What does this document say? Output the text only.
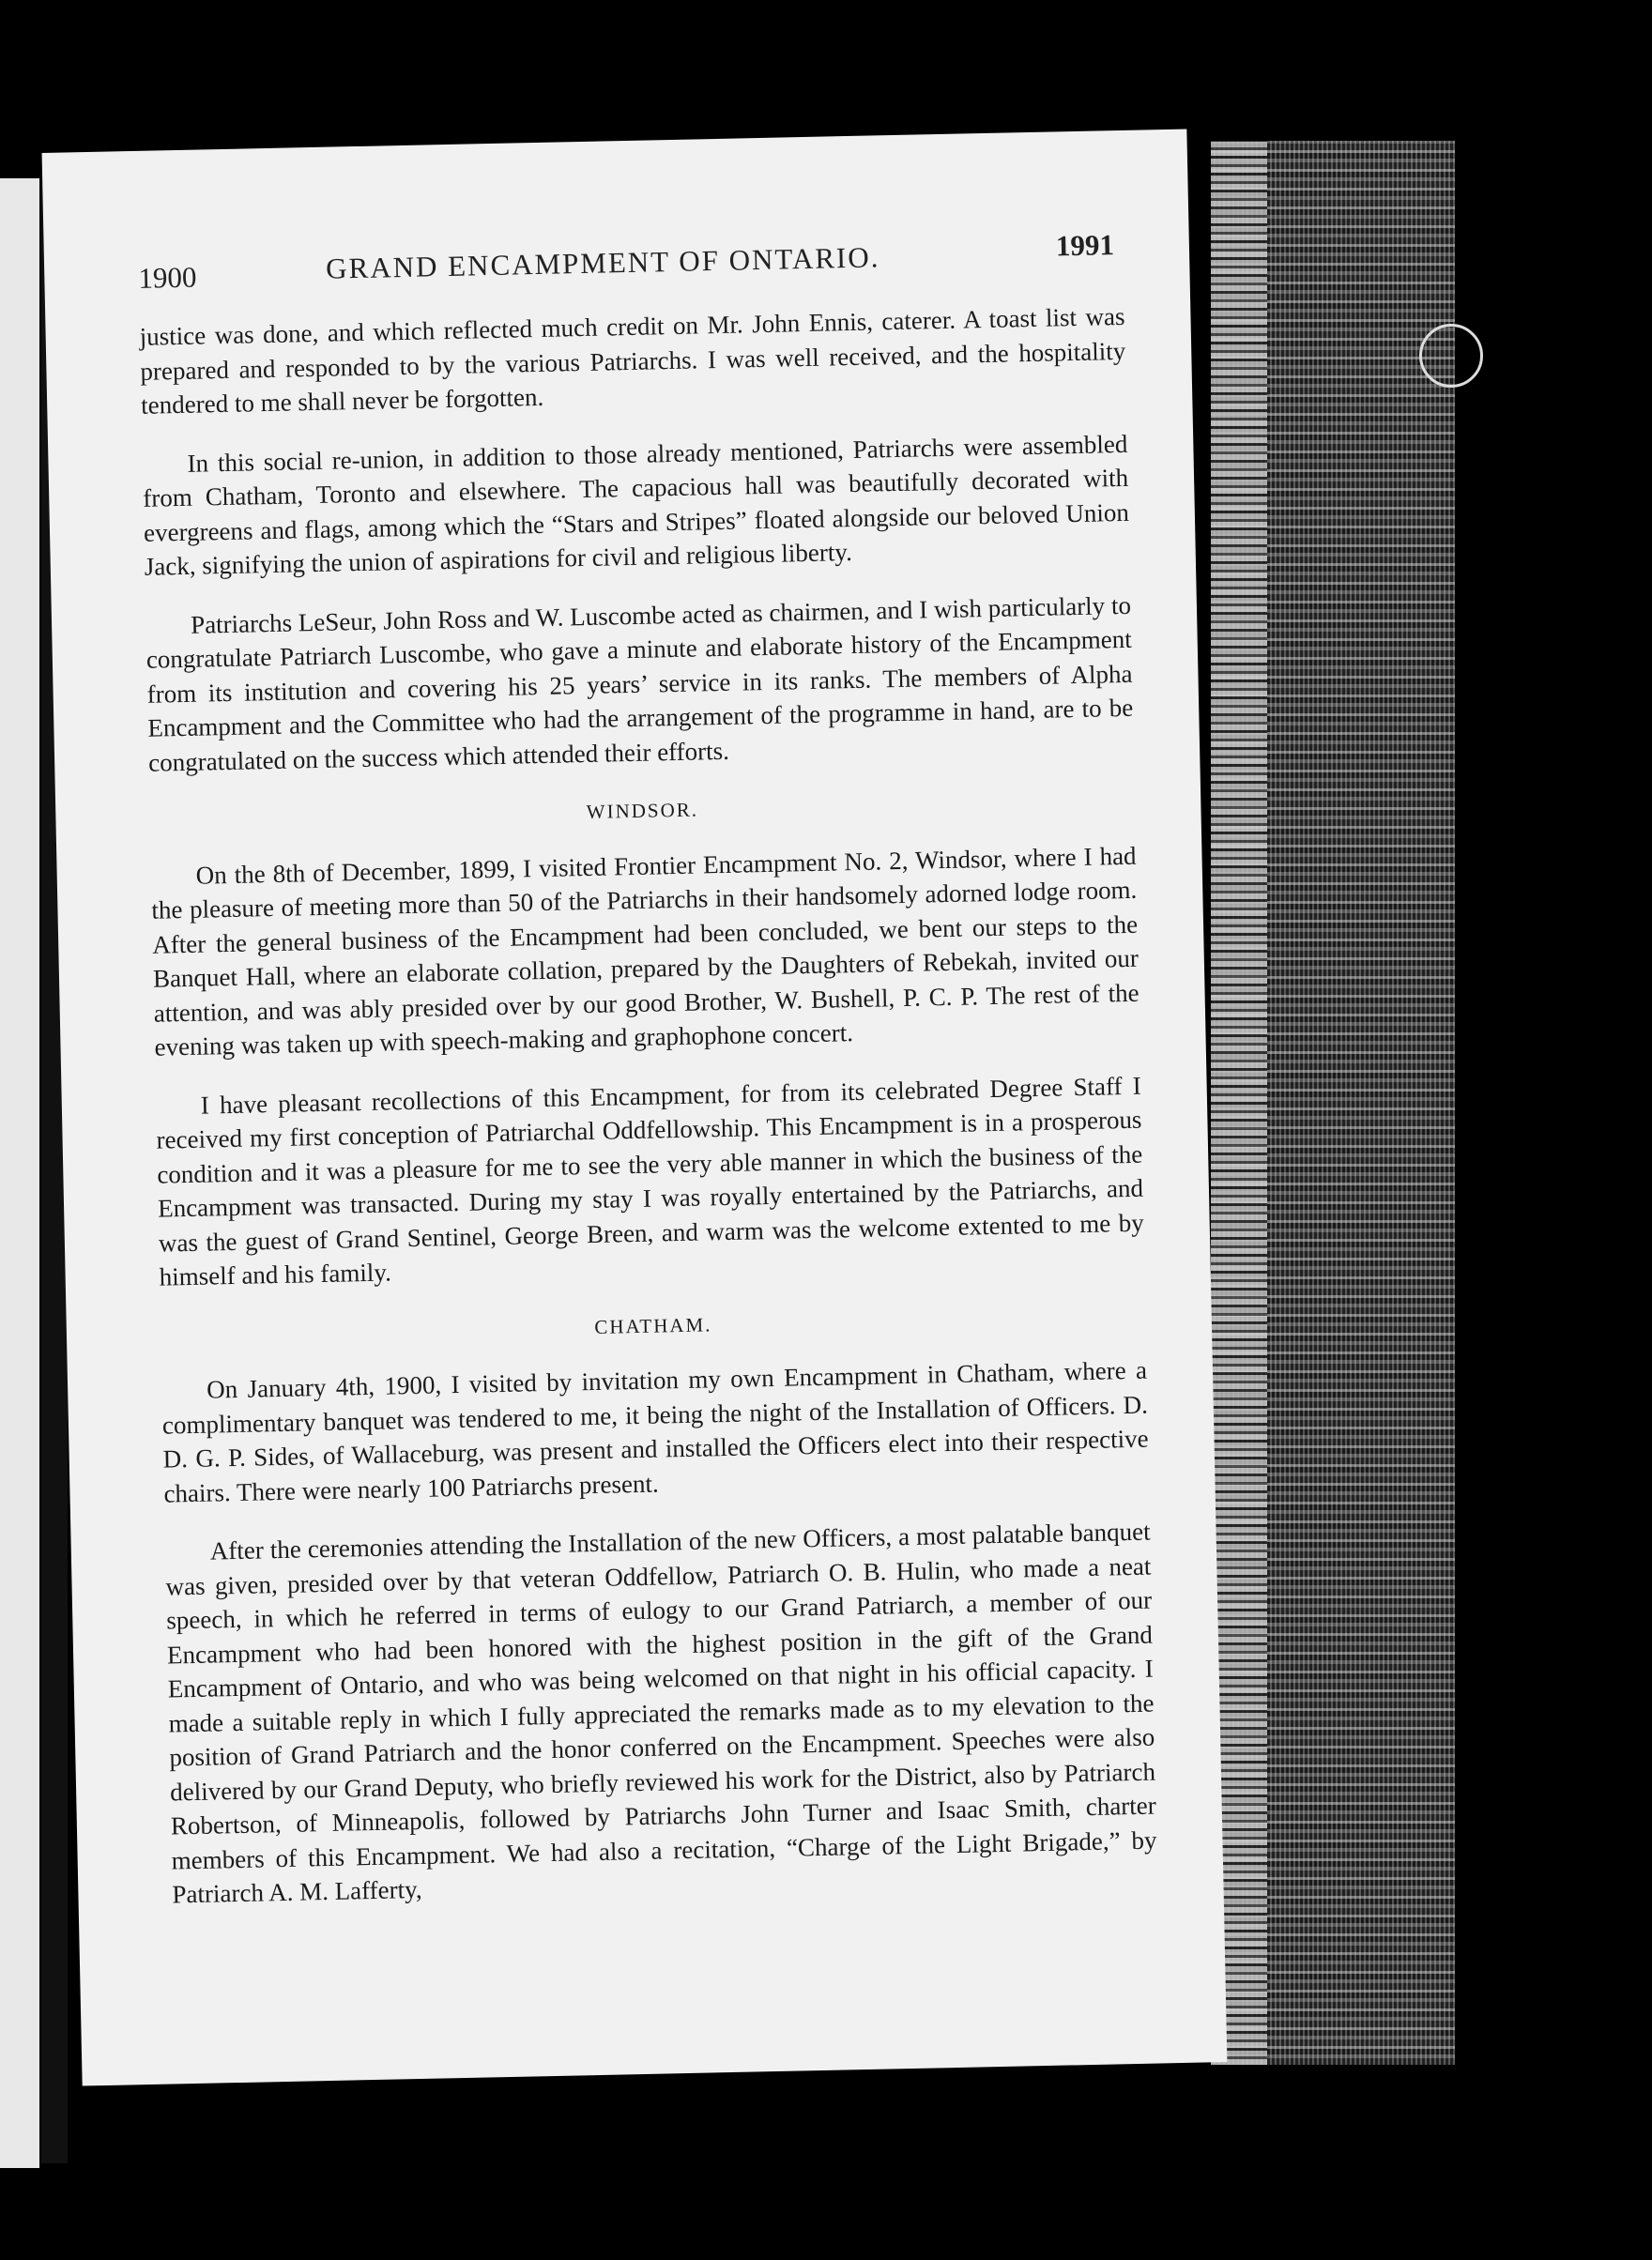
1900	GRAND ENCAMPMENT OF ONTARIO.	1991

justice was done, and which reflected much credit on Mr. John Ennis, caterer. A toast list was prepared and responded to by the various Patriarchs. I was well received, and the hospitality tendered to me shall never be forgotten.

In this social re-union, in addition to those already mentioned, Patriarchs were assembled from Chatham, Toronto and elsewhere. The capacious hall was beautifully decorated with evergreens and flags, among which the “Stars and Stripes” floated alongside our beloved Union Jack, signifying the union of aspirations for civil and religious liberty.

Patriarchs LeSeur, John Ross and W. Luscombe acted as chairmen, and I wish particularly to congratulate Patriarch Luscombe, who gave a minute and elaborate history of the Encampment from its institution and covering his 25 years’ service in its ranks. The members of Alpha Encampment and the Committee who had the arrangement of the programme in hand, are to be congratulated on the success which attended their efforts.

WINDSOR.

On the 8th of December, 1899, I visited Frontier Encampment No. 2, Windsor, where I had the pleasure of meeting more than 50 of the Patriarchs in their handsomely adorned lodge room. After the general business of the Encampment had been concluded, we bent our steps to the Banquet Hall, where an elaborate collation, prepared by the Daughters of Rebekah, invited our attention, and was ably presided over by our good Brother, W. Bushell, P. C. P. The rest of the evening was taken up with speech-making and graphophone concert.

I have pleasant recollections of this Encampment, for from its celebrated Degree Staff I received my first conception of Patriarchal Oddfellowship. This Encampment is in a prosperous condition and it was a pleasure for me to see the very able manner in which the business of the Encampment was transacted. During my stay I was royally entertained by the Patriarchs, and was the guest of Grand Sentinel, George Breen, and warm was the welcome extented to me by himself and his family.

CHATHAM.

On January 4th, 1900, I visited by invitation my own Encampment in Chatham, where a complimentary banquet was tendered to me, it being the night of the Installation of Officers. D. D. G. P. Sides, of Wallaceburg, was present and installed the Officers elect into their respective chairs. There were nearly 100 Patriarchs present.

After the ceremonies attending the Installation of the new Officers, a most palatable banquet was given, presided over by that veteran Oddfellow, Patriarch O. B. Hulin, who made a neat speech, in which he referred in terms of eulogy to our Grand Patriarch, a member of our Encampment who had been honored with the highest position in the gift of the Grand Encampment of Ontario, and who was being welcomed on that night in his official capacity. I made a suitable reply in which I fully appreciated the remarks made as to my elevation to the position of Grand Patriarch and the honor conferred on the Encampment. Speeches were also delivered by our Grand Deputy, who briefly reviewed his work for the District, also by Patriarch Robertson, of Minneapolis, followed by Patriarchs John Turner and Isaac Smith, charter members of this Encampment. We had also a recitation, “Charge of the Light Brigade,” by Patriarch A. M. Lafferty,
